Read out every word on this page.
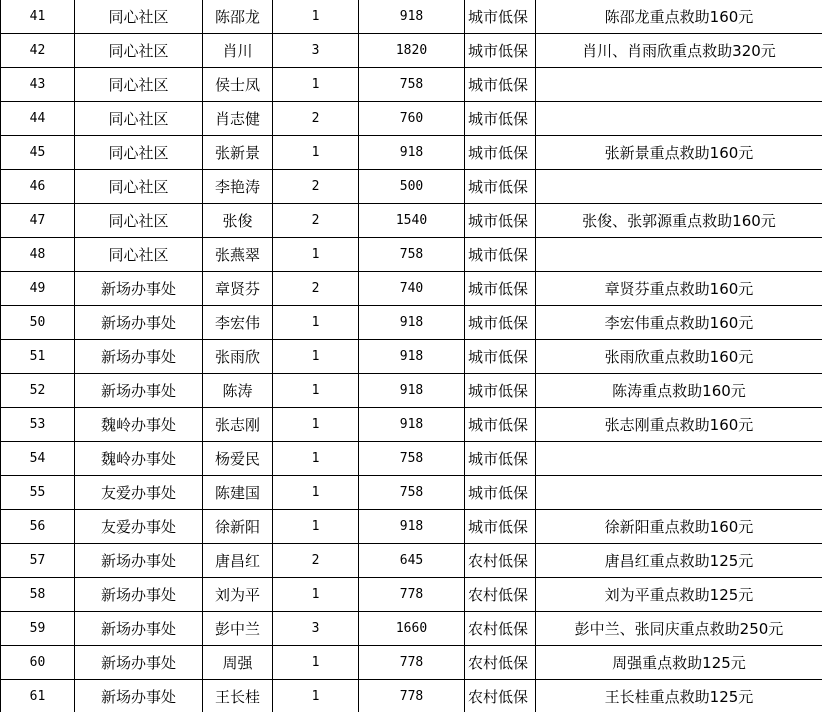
41	同心社区	陈邵龙	1	918	城市低保	陈邵龙重点救助160元
42	同心社区	肖川	3	1820	城市低保	肖川、肖雨欣重点救助320元
43	同心社区	侯士凤	1	758	城市低保	
44	同心社区	肖志健	2	760	城市低保	
45	同心社区	张新景	1	918	城市低保	张新景重点救助160元
46	同心社区	李艳涛	2	500	城市低保	
47	同心社区	张俊	2	1540	城市低保	张俊、张郭源重点救助160元
48	同心社区	张燕翠	1	758	城市低保	
49	新场办事处	章贤芬	2	740	城市低保	章贤芬重点救助160元
50	新场办事处	李宏伟	1	918	城市低保	李宏伟重点救助160元
51	新场办事处	张雨欣	1	918	城市低保	张雨欣重点救助160元
52	新场办事处	陈涛	1	918	城市低保	陈涛重点救助160元
53	魏岭办事处	张志刚	1	918	城市低保	张志刚重点救助160元
54	魏岭办事处	杨爱民	1	758	城市低保	
55	友爱办事处	陈建国	1	758	城市低保	
56	友爱办事处	徐新阳	1	918	城市低保	徐新阳重点救助160元
57	新场办事处	唐昌红	2	645	农村低保	唐昌红重点救助125元
58	新场办事处	刘为平	1	778	农村低保	刘为平重点救助125元
59	新场办事处	彭中兰	3	1660	农村低保	彭中兰、张同庆重点救助250元
60	新场办事处	周强	1	778	农村低保	周强重点救助125元
61	新场办事处	王长桂	1	778	农村低保	王长桂重点救助125元
